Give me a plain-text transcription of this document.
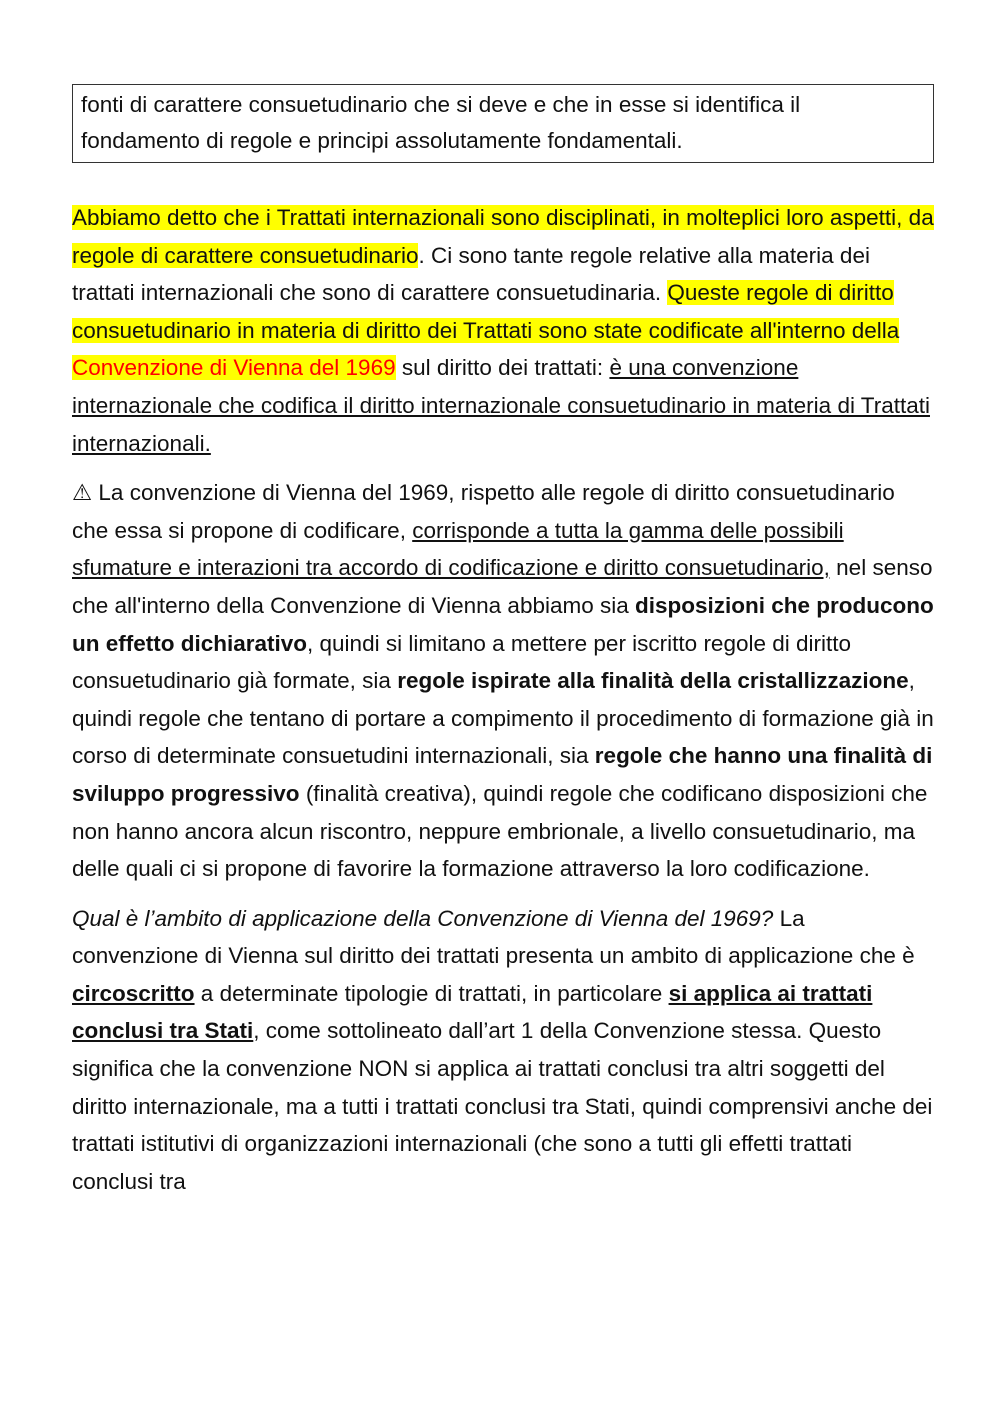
fonti di carattere consuetudinario che si deve e che in esse si identifica il fondamento di regole e principi assolutamente fondamentali.

Abbiamo detto che i Trattati internazionali sono disciplinati, in molteplici loro aspetti, da regole di carattere consuetudinario. Ci sono tante regole relative alla materia dei trattati internazionali che sono di carattere consuetudinaria. Queste regole di diritto consuetudinario in materia di diritto dei Trattati sono state codificate all'interno della Convenzione di Vienna del 1969 sul diritto dei trattati: è una convenzione internazionale che codifica il diritto internazionale consuetudinario in materia di Trattati internazionali.

⚠ La convenzione di Vienna del 1969, rispetto alle regole di diritto consuetudinario che essa si propone di codificare, corrisponde a tutta la gamma delle possibili sfumature e interazioni tra accordo di codificazione e diritto consuetudinario, nel senso che all'interno della Convenzione di Vienna abbiamo sia disposizioni che producono un effetto dichiarativo, quindi si limitano a mettere per iscritto regole di diritto consuetudinario già formate, sia regole ispirate alla finalità della cristallizzazione, quindi regole che tentano di portare a compimento il procedimento di formazione già in corso di determinate consuetudini internazionali, sia regole che hanno una finalità di sviluppo progressivo (finalità creativa), quindi regole che codificano disposizioni che non hanno ancora alcun riscontro, neppure embrionale, a livello consuetudinario, ma delle quali ci si propone di favorire la formazione attraverso la loro codificazione.

Qual è l’ambito di applicazione della Convenzione di Vienna del 1969? La convenzione di Vienna sul diritto dei trattati presenta un ambito di applicazione che è circoscritto a determinate tipologie di trattati, in particolare si applica ai trattati conclusi tra Stati, come sottolineato dall’art 1 della Convenzione stessa. Questo significa che la convenzione NON si applica ai trattati conclusi tra altri soggetti del diritto internazionale, ma a tutti i trattati conclusi tra Stati, quindi comprensivi anche dei trattati istitutivi di organizzazioni internazionali (che sono a tutti gli effetti trattati conclusi tra
